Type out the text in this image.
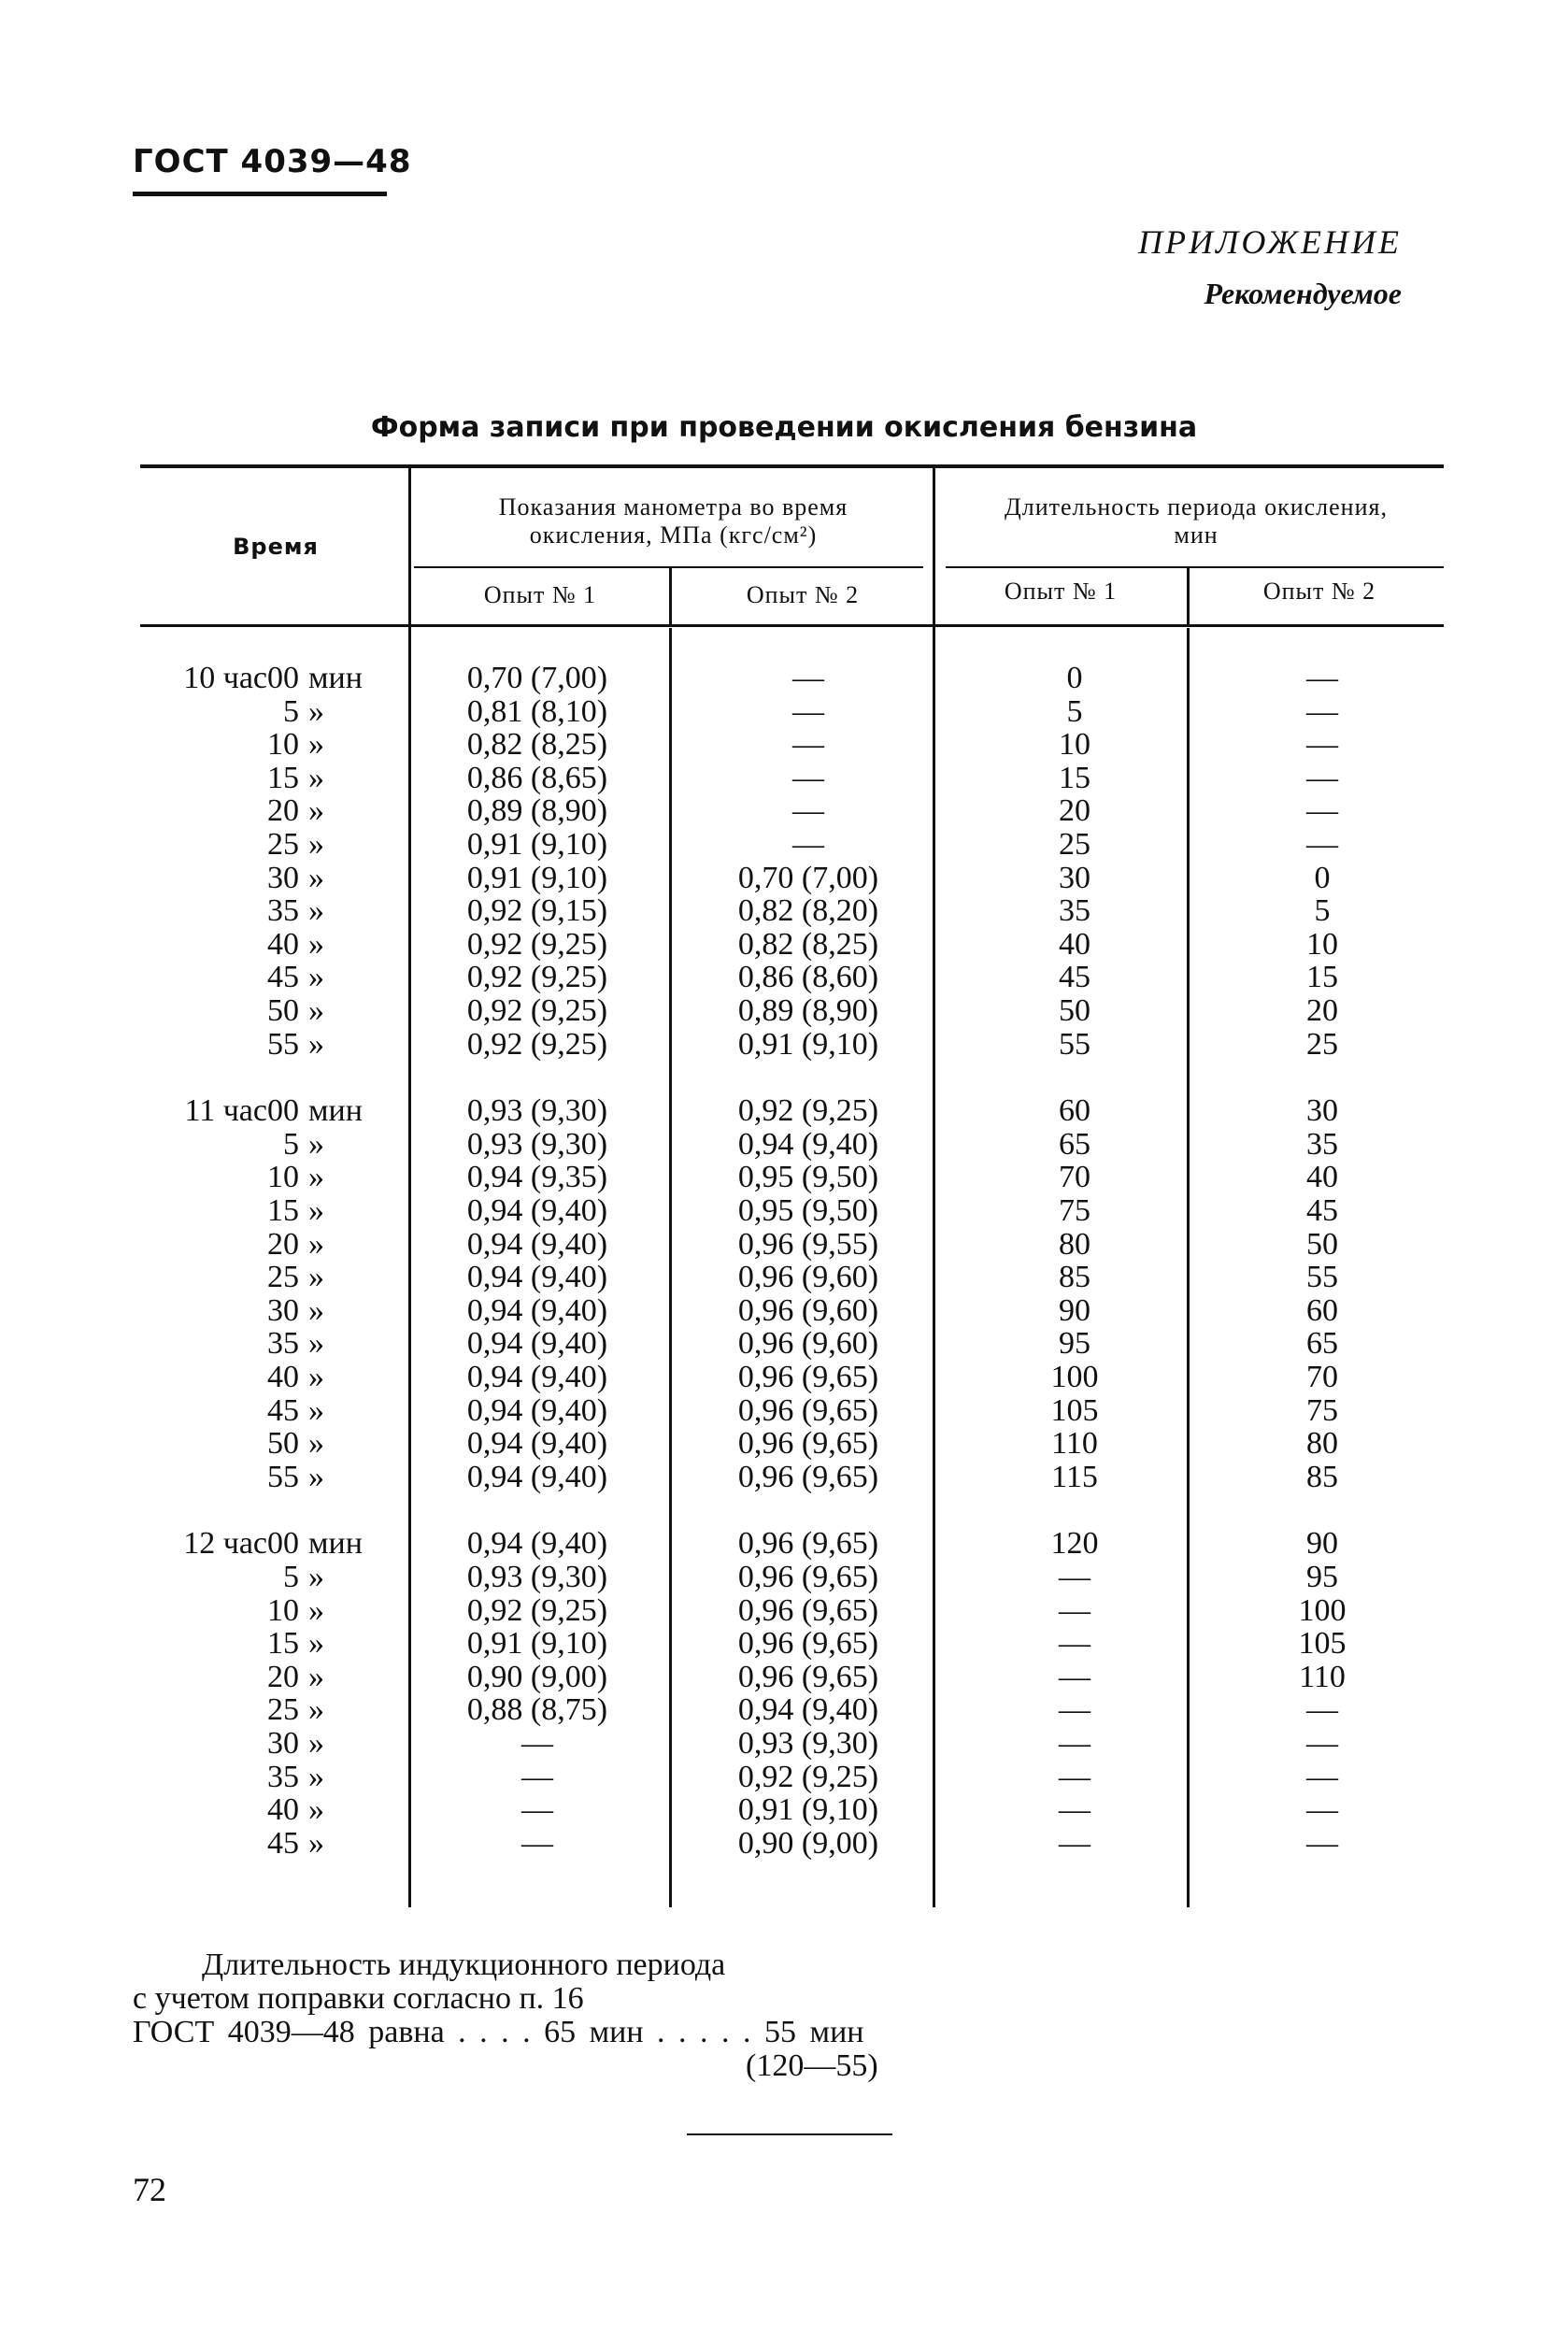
ГОСТ 4039—48
ПРИЛОЖЕНИЕ
Рекомендуемое
Форма записи при проведении окисления бензина
Время
Показания манометра во время
окисления, МПа (кгс/см²)
Длительность периода окисления,
мин
Опыт № 1	Опыт № 2	Опыт № 1	Опыт № 2
10 час 00 мин	0,70 (7,00)	—	0	—
5 »	0,81 (8,10)	—	5	—
10 »	0,82 (8,25)	—	10	—
15 »	0,86 (8,65)	—	15	—
20 »	0,89 (8,90)	—	20	—
25 »	0,91 (9,10)	—	25	—
30 »	0,91 (9,10)	0,70 (7,00)	30	0
35 »	0,92 (9,15)	0,82 (8,20)	35	5
40 »	0,92 (9,25)	0,82 (8,25)	40	10
45 »	0,92 (9,25)	0,86 (8,60)	45	15
50 »	0,92 (9,25)	0,89 (8,90)	50	20
55 »	0,92 (9,25)	0,91 (9,10)	55	25
11 час 00 мин	0,93 (9,30)	0,92 (9,25)	60	30
5 »	0,93 (9,30)	0,94 (9,40)	65	35
10 »	0,94 (9,35)	0,95 (9,50)	70	40
15 »	0,94 (9,40)	0,95 (9,50)	75	45
20 »	0,94 (9,40)	0,96 (9,55)	80	50
25 »	0,94 (9,40)	0,96 (9,60)	85	55
30 »	0,94 (9,40)	0,96 (9,60)	90	60
35 »	0,94 (9,40)	0,96 (9,60)	95	65
40 »	0,94 (9,40)	0,96 (9,65)	100	70
45 »	0,94 (9,40)	0,96 (9,65)	105	75
50 »	0,94 (9,40)	0,96 (9,65)	110	80
55 »	0,94 (9,40)	0,96 (9,65)	115	85
12 час 00 мин	0,94 (9,40)	0,96 (9,65)	120	90
5 »	0,93 (9,30)	0,96 (9,65)	—	95
10 »	0,92 (9,25)	0,96 (9,65)	—	100
15 »	0,91 (9,10)	0,96 (9,65)	—	105
20 »	0,90 (9,00)	0,96 (9,65)	—	110
25 »	0,88 (8,75)	0,94 (9,40)	—	—
30 »	—	0,93 (9,30)	—	—
35 »	—	0,92 (9,25)	—	—
40 »	—	0,91 (9,10)	—	—
45 »	—	0,90 (9,00)	—	—
Длительность индукционного периода
с учетом поправки согласно п. 16
ГОСТ 4039—48 равна . . . . 65 мин . . . . . 55 мин
(120—55)
72
